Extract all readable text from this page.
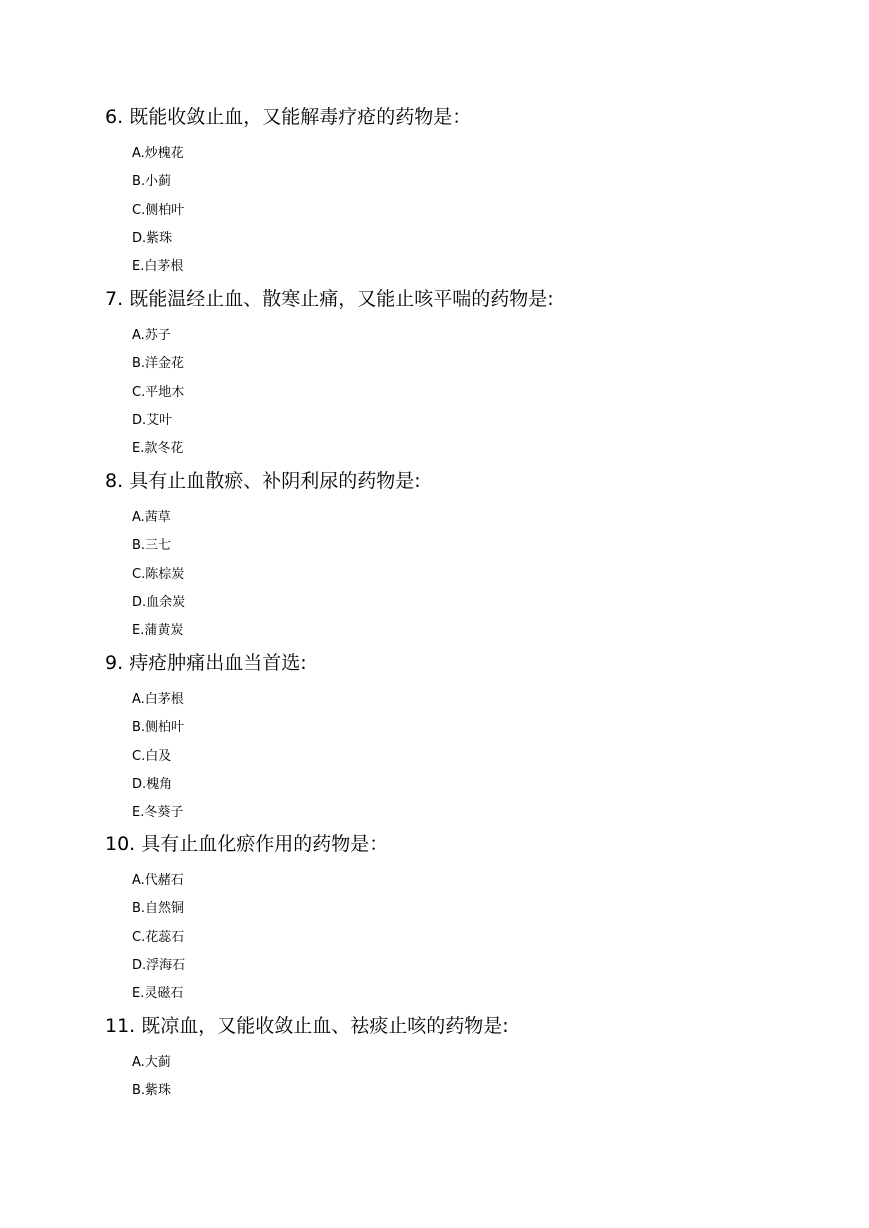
6. 既能收敛止血，又能解毒疗疮的药物是：
A.炒槐花
B.小蓟
C.侧柏叶
D.紫珠
E.白茅根
7. 既能温经止血、散寒止痛，又能止咳平喘的药物是:
A.苏子
B.洋金花
C.平地木
D.艾叶
E.款冬花
8. 具有止血散瘀、补阴利尿的药物是:
A.茜草
B.三七
C.陈棕炭
D.血余炭
E.蒲黄炭
9. 痔疮肿痛出血当首选:
A.白茅根
B.侧柏叶
C.白及
D.槐角
E.冬葵子
10. 具有止血化瘀作用的药物是：
A.代赭石
B.自然铜
C.花蕊石
D.浮海石
E.灵磁石
11. 既凉血，又能收敛止血、祛痰止咳的药物是:
A.大蓟
B.紫珠
